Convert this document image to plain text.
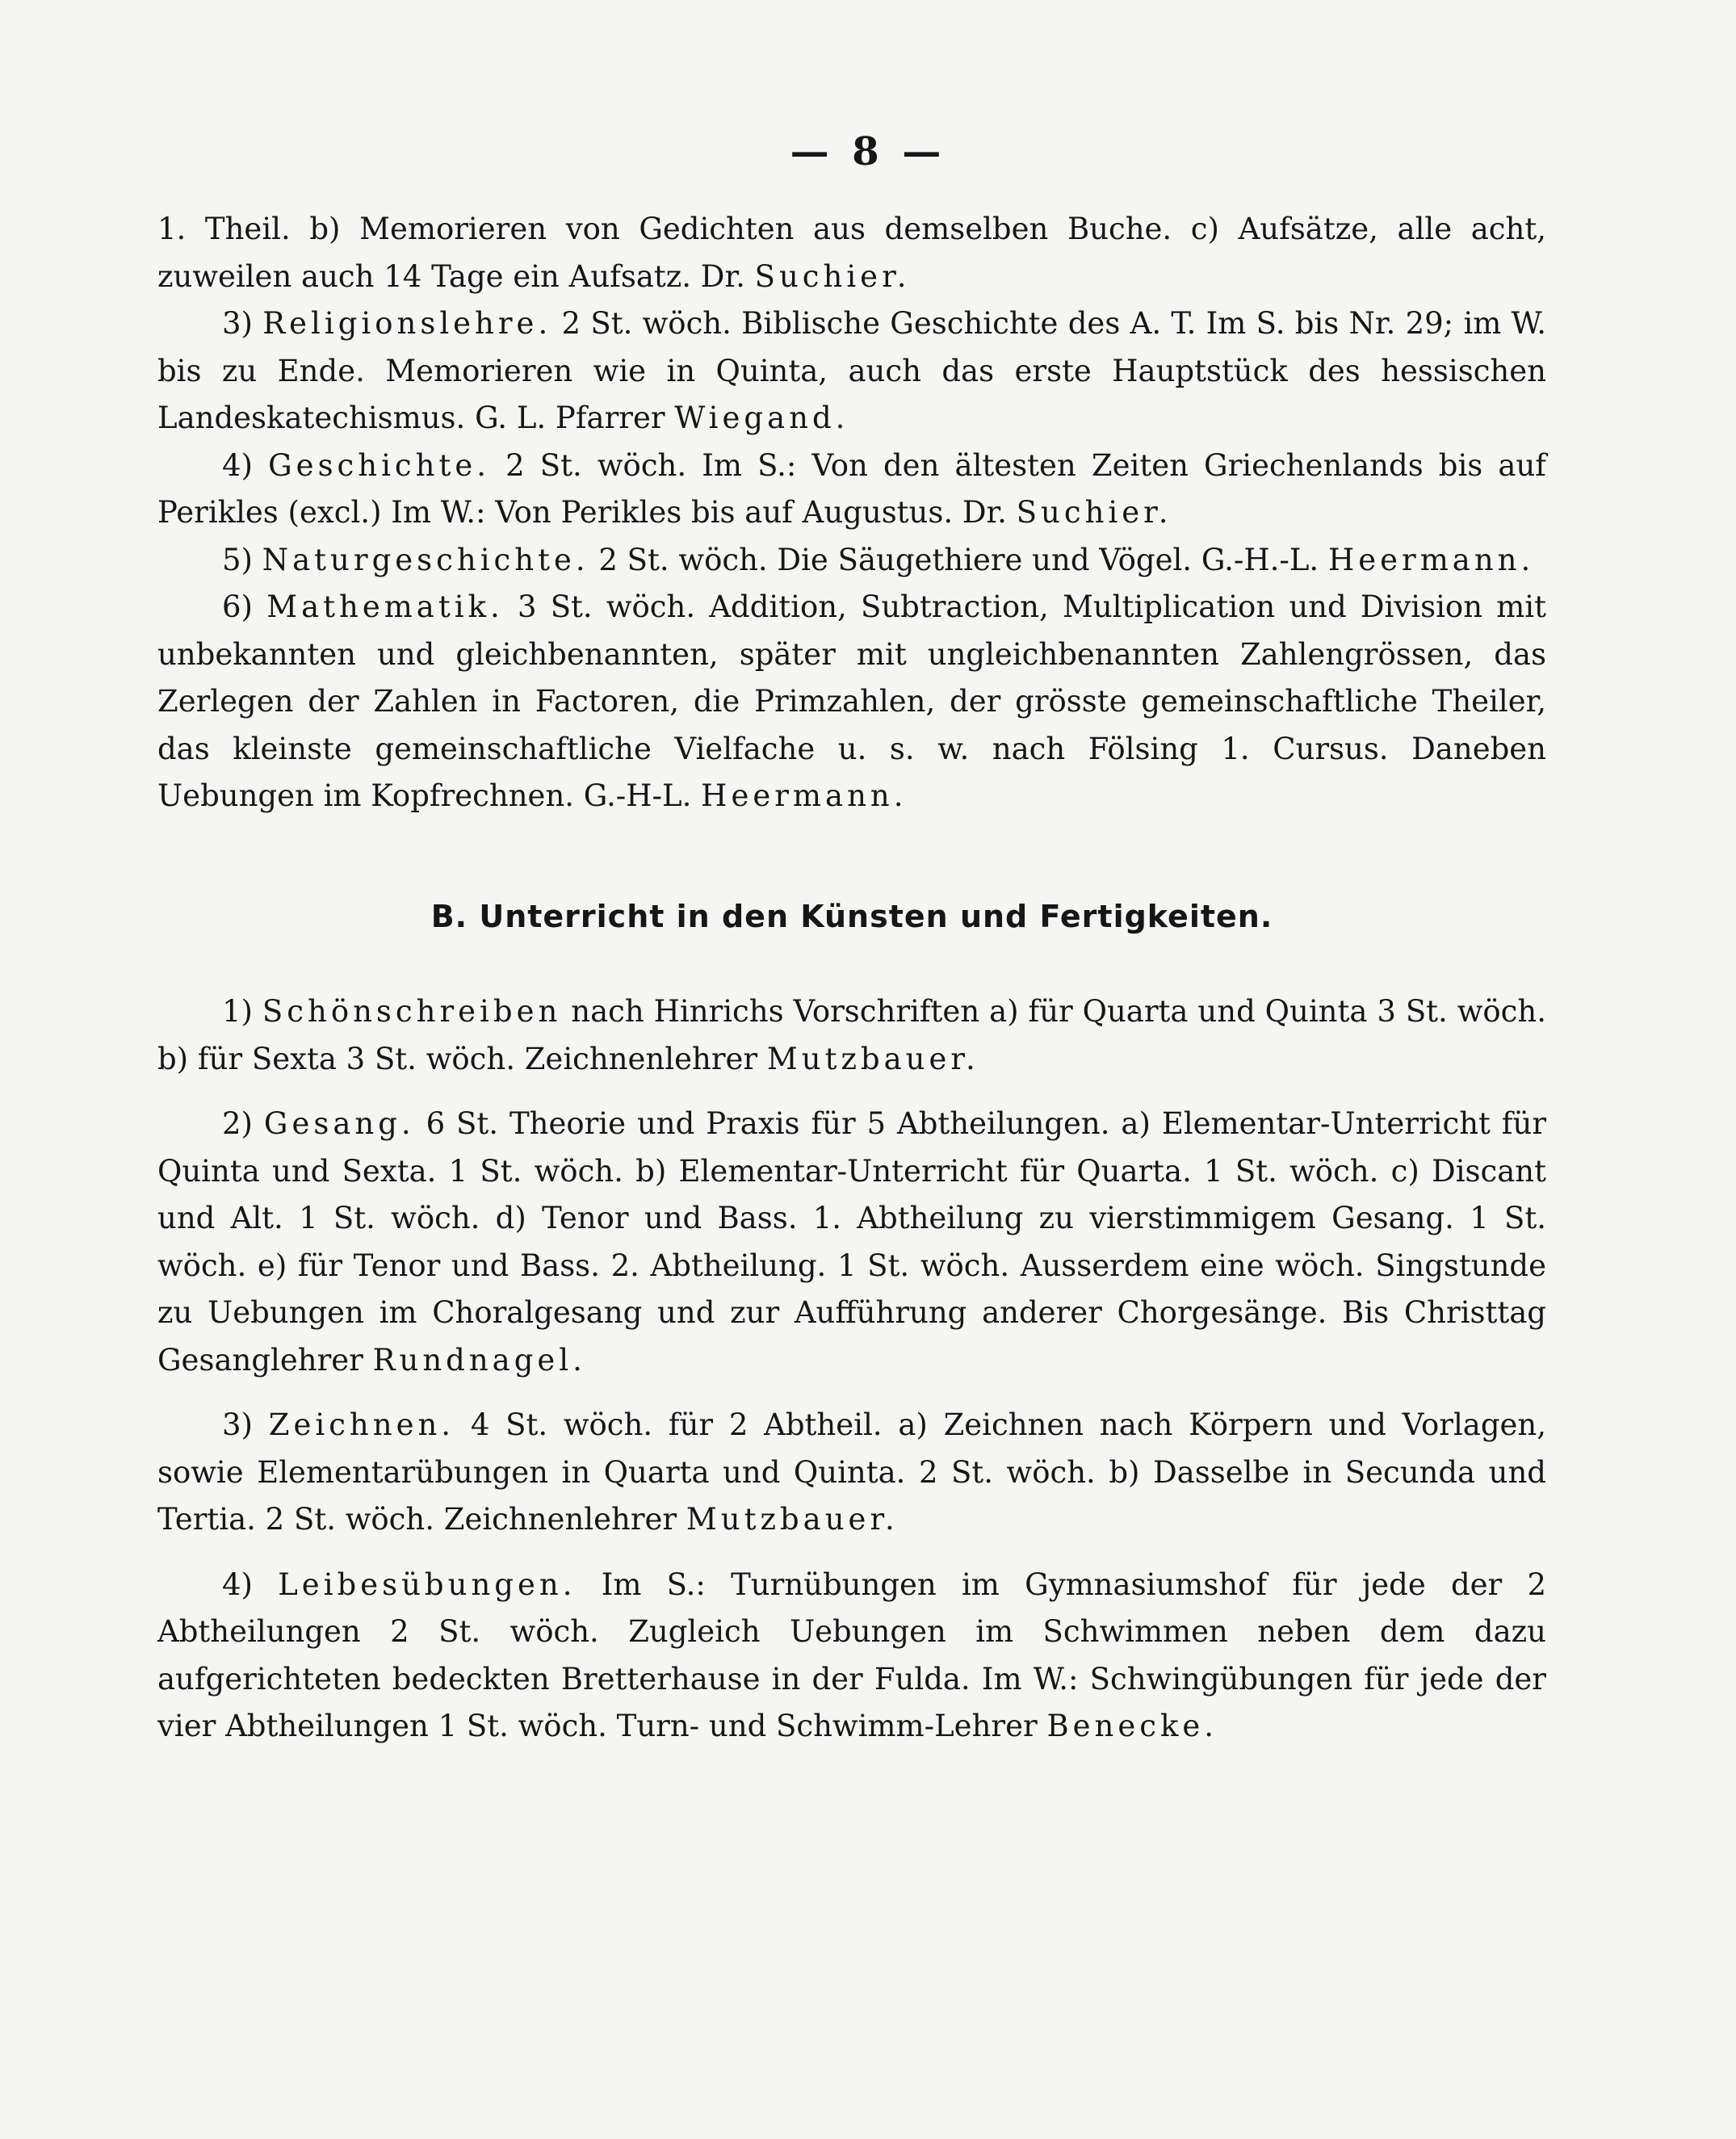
— 8 —

1. Theil. b) Memorieren von Gedichten aus demselben Buche. c) Aufsätze, alle acht, zuweilen auch 14 Tage ein Aufsatz. Dr. Suchier.

3) Religionslehre. 2 St. wöch. Biblische Geschichte des A. T. Im S. bis Nr. 29; im W. bis zu Ende. Memorieren wie in Quinta, auch das erste Hauptstück des hessischen Landeskatechismus. G. L. Pfarrer Wiegand.

4) Geschichte. 2 St. wöch. Im S.: Von den ältesten Zeiten Griechenlands bis auf Perikles (excl.) Im W.: Von Perikles bis auf Augustus. Dr. Suchier.

5) Naturgeschichte. 2 St. wöch. Die Säugethiere und Vögel. G.-H.-L. Heermann.

6) Mathematik. 3 St. wöch. Addition, Subtraction, Multiplication und Division mit unbekannten und gleichbenannten, später mit ungleichbenannten Zahlengrössen, das Zerlegen der Zahlen in Factoren, die Primzahlen, der grösste gemeinschaftliche Theiler, das kleinste gemeinschaftliche Vielfache u. s. w. nach Fölsing 1. Cursus. Daneben Uebungen im Kopfrechnen. G.-H-L. Heermann.

B. Unterricht in den Künsten und Fertigkeiten.

1) Schönschreiben nach Hinrichs Vorschriften a) für Quarta und Quinta 3 St. wöch. b) für Sexta 3 St. wöch. Zeichnenlehrer Mutzbauer.

2) Gesang. 6 St. Theorie und Praxis für 5 Abtheilungen. a) Elementar-Unterricht für Quinta und Sexta. 1 St. wöch. b) Elementar-Unterricht für Quarta. 1 St. wöch. c) Discant und Alt. 1 St. wöch. d) Tenor und Bass. 1. Abtheilung zu vierstimmigem Gesang. 1 St. wöch. e) für Tenor und Bass. 2. Abtheilung. 1 St. wöch. Ausserdem eine wöch. Singstunde zu Uebungen im Choralgesang und zur Aufführung anderer Chorgesänge. Bis Christtag Gesanglehrer Rundnagel.

3) Zeichnen. 4 St. wöch. für 2 Abtheil. a) Zeichnen nach Körpern und Vorlagen, sowie Elementarübungen in Quarta und Quinta. 2 St. wöch. b) Dasselbe in Secunda und Tertia. 2 St. wöch. Zeichnenlehrer Mutzbauer.

4) Leibesübungen. Im S.: Turnübungen im Gymnasiumshof für jede der 2 Abtheilungen 2 St. wöch. Zugleich Uebungen im Schwimmen neben dem dazu aufgerichteten bedeckten Bretterhause in der Fulda. Im W.: Schwingübungen für jede der vier Abtheilungen 1 St. wöch. Turn- und Schwimm-Lehrer Benecke.
